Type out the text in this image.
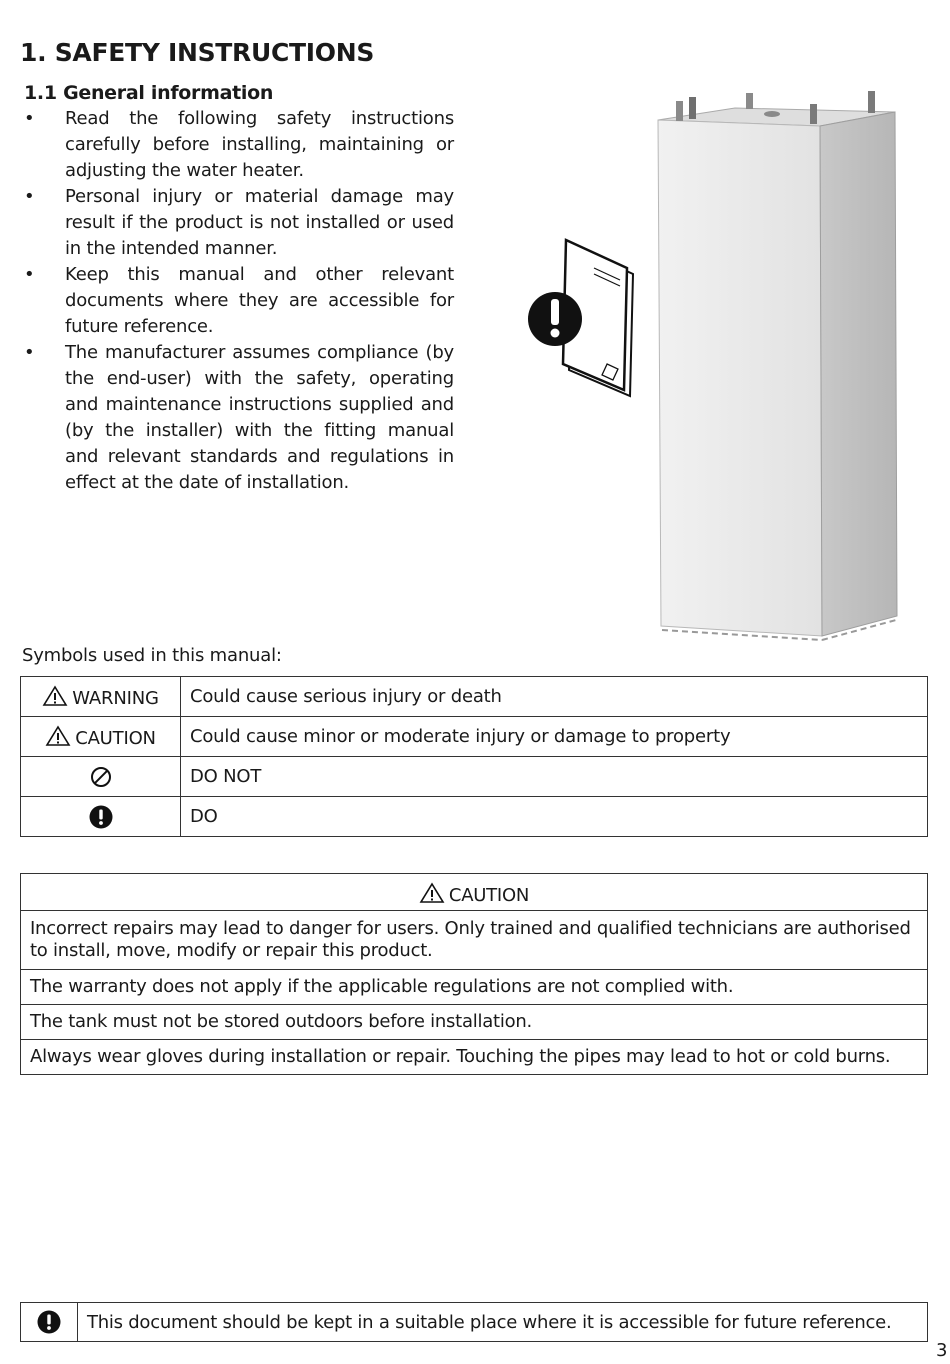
1. SAFETY INSTRUCTIONS
1.1 General information
• Read the following safety instructions carefully before installing, maintaining or adjusting the water heater.
• Personal injury or material damage may result if the product is not installed or used in the intended manner.
• Keep this manual and other relevant documents where they are accessible for future reference.
• The manufacturer assumes compliance (by the end-user) with the safety, operating and maintenance instructions supplied and (by the installer) with the fitting manual and relevant standards and regulations in effect at the date of installation.
Symbols used in this manual:
WARNING	Could cause serious injury or death
CAUTION	Could cause minor or moderate injury or damage to property
	DO NOT
	DO
CAUTION
Incorrect repairs may lead to danger for users. Only trained and qualified technicians are authorised to install, move, modify or repair this product.
The warranty does not apply if the applicable regulations are not complied with.
The tank must not be stored outdoors before installation.
Always wear gloves during installation or repair. Touching the pipes may lead to hot or cold burns.
	This document should be kept in a suitable place where it is accessible for future reference.
3
